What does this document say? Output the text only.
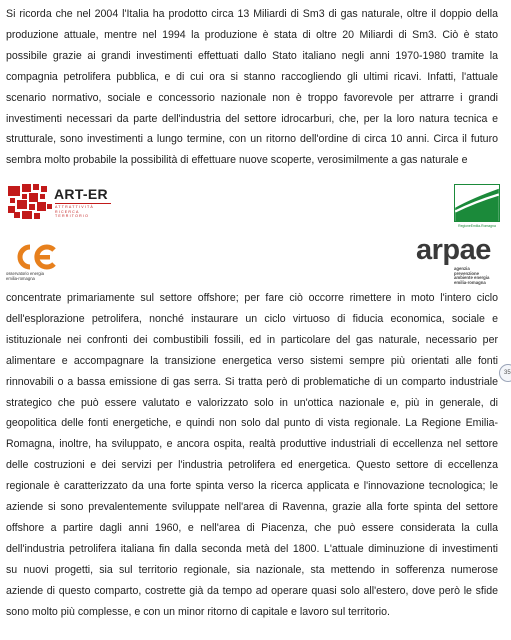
Si ricorda che nel 2004 l'Italia ha prodotto circa 13 Miliardi di Sm3 di gas naturale, oltre il doppio della
produzione attuale, mentre nel 1994 la produzione è stata di oltre 20 Miliardi di Sm3. Ciò è stato
possibile grazie ai grandi investimenti effettuati dallo Stato italiano negli anni 1970-1980 tramite la
compagnia petrolifera pubblica, e di cui ora si stanno raccogliendo gli ultimi ricavi. Infatti, l'attuale
scenario normativo, sociale e concessorio nazionale non è troppo favorevole per attrarre i grandi
investimenti necessari da parte dell'industria del settore idrocarburi, che, per la loro natura tecnica e
strutturale, sono investimenti a lungo termine, con un ritorno dell'ordine di circa 10 anni. Circa il futuro
sembra molto probabile la possibilità di effettuare nuove scoperte, verosimilmente a gas naturale e
ART-ER
ATTRATTIVITÀ
RICERCA
TERRITORIO
RegioneEmilia-Romagna
osservatorio energia
emilia-romagna
arpae
agenzia
prevenzione
ambiente energia
emilia-romagna
concentrate primariamente sul settore offshore; per fare ciò occorre rimettere in moto l'intero ciclo
dell'esplorazione petrolifera, nonché instaurare un ciclo virtuoso di fiducia economica, sociale e
istituzionale nei confronti dei combustibili fossili, ed in particolare del gas naturale, necessario per
alimentare e accompagnare la transizione energetica verso sistemi sempre più orientati alle fonti
rinnovabili o a bassa emissione di gas serra. Si tratta però di problematiche di un comparto industriale
strategico che può essere valutato e valorizzato solo in un'ottica nazionale e, più in generale, di
geopolitica delle fonti energetiche, e quindi non solo dal punto di vista regionale. La Regione Emilia-
Romagna, inoltre, ha sviluppato, e ancora ospita, realtà produttive industriali di eccellenza nel settore
delle costruzioni e dei servizi per l'industria petrolifera ed energetica. Questo settore di eccellenza
regionale è caratterizzato da una forte spinta verso la ricerca applicata e l'innovazione tecnologica; le
aziende si sono prevalentemente sviluppate nell'area di Ravenna, grazie alla forte spinta del settore
offshore a partire dagli anni 1960, e nell'area di Piacenza, che può essere considerata la culla
dell'industria petrolifera italiana fin dalla seconda metà del 1800. L'attuale diminuzione di investimenti
su nuovi progetti, sia sul territorio regionale, sia nazionale, sta mettendo in sofferenza numerose
aziende di questo comparto, costrette già da tempo ad operare quasi solo all'estero, dove però le sfide
sono molto più complesse, e con un minor ritorno di capitale e lavoro sul territorio.
35
